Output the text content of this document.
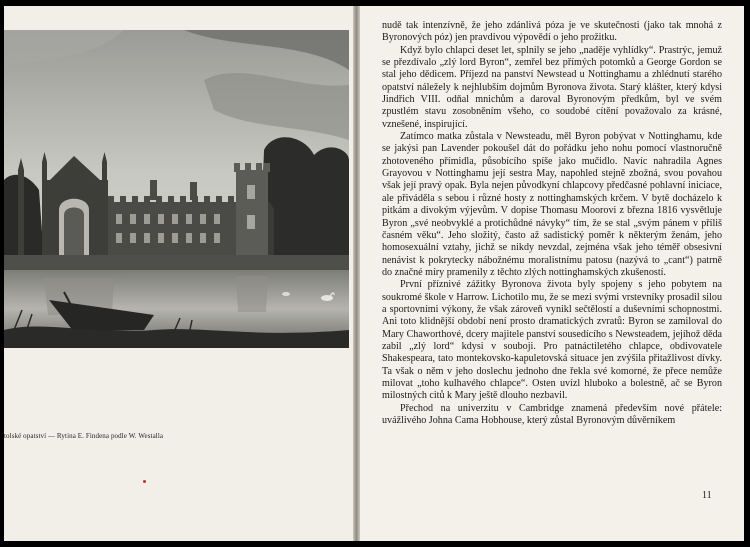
tolské opatství — Rytina E. Findena podle W. Westalla

nudě tak intenzívně, že jeho zdánlivá póza je ve skutečnosti (jako tak mnohá z Byronových póz) jen pravdivou výpovědí o jeho prožitku.

Když bylo chlapci deset let, splnily se jeho „naděje vyhlídky“. Prastrýc, jemuž se přezdívalo „zlý lord Byron“, zemřel bez přímých potomků a George Gordon se stal jeho dědicem. Příjezd na panství Newstead u Nottinghamu a zhlédnutí starého opatství náležely k nejhlubším dojmům Byronova života. Starý klášter, který kdysi Jindřich VIII. odňal mnichům a daroval Byronovým předkům, byl ve svém zpustlém stavu zosobněním všeho, co soudobé cítění považovalo za krásné, vznešené, inspirující.

Zatímco matka zůstala v Newsteadu, měl Byron pobývat v Nottinghamu, kde se jakýsi pan Lavender pokoušel dát do pořádku jeho nohu pomocí vlastnoručně zhotoveného přímidla, působícího spíše jako mučidlo. Navíc nahradila Agnes Grayovou v Nottinghamu její sestra May, napohled stejně zbožná, svou povahou však její pravý opak. Byla nejen původkyní chlapcovy předčasné pohlavní iniciace, ale přiváděla s sebou i různé hosty z nottinghamských krčem. V bytě docházelo k pitkám a divokým výjevům. V dopise Thomasu Moorovi z března 1816 vysvětluje Byron „své neobvyklé a protichůdné návyky“ tím, že se stal „svým pánem v příliš časném věku“. Jeho složitý, často až sadistický poměr k některým ženám, jeho homosexuální vztahy, jichž se nikdy nevzdal, zejména však jeho téměř obsesivní nenávist k pokrytecky nábožnému moralistnímu patosu (nazývá to „cant“) patrně do značné míry pramenily z těchto zlých nottinghamských zkušeností.

První příznivé zážitky Byronova života byly spojeny s jeho pobytem na soukromé škole v Harrow. Lichotilo mu, že se mezi svými vrstevníky prosadil silou a sportovními výkony, že však zároveň vynikl sečtělostí a duševními schopnostmi. Ani toto klidnější období není prosto dramatických zvratů: Byron se zamiloval do Mary Chaworthové, dcery majitele panství sousedícího s Newsteadem, jejíhož děda zabil „zlý lord“ kdysi v souboji. Pro patnáctiletého chlapce, obdivovatele Shakespeara, tato montekovsko-kapuletovská situace jen zvýšila přitažlivost dívky. Ta však o něm v jeho doslechu jednoho dne řekla své komorné, že přece nemůže milovat „toho kulhavého chlapce“. Osten uvízl hluboko a bolestně, ač se Byron milostných citů k Mary ještě dlouho nezbavil.

Přechod na univerzitu v Cambridge znamená především nové přátele: uvážlivého Johna Cama Hobhouse, který zůstal Byronovým důvěrníkem

11
